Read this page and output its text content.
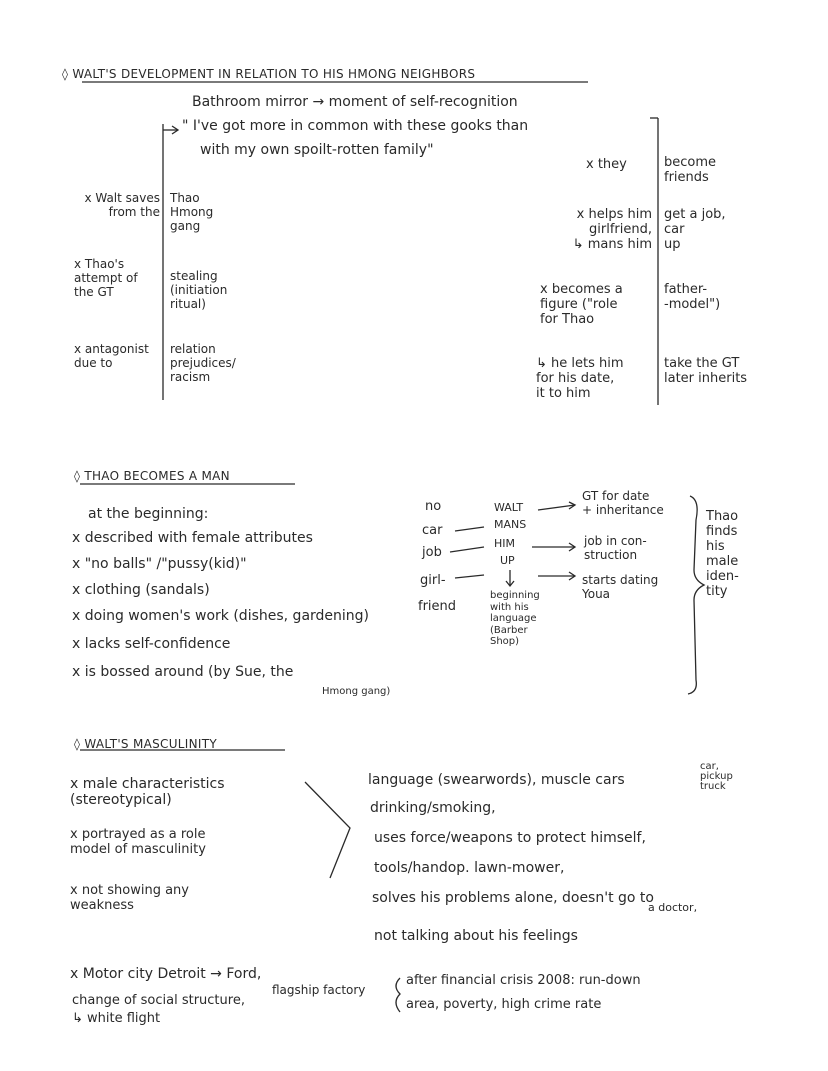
◊ WALT'S DEVELOPMENT IN RELATION TO HIS HMONG NEIGHBORS
Bathroom mirror → moment of self-recognition
" I've got more in common with these gooks than
with my own spoilt-rotten family"
x Walt saves
from the
Thao
Hmong
gang
x Thao's
attempt of
the GT
stealing
(initiation
ritual)
x antagonist
due to
relation
prejudices/
racism
x they	become
friends
x helps him
girlfriend,
↳ mans him
get a job,
car
up
x becomes a
figure ("role
for Thao
father-
-model")
↳ he lets him
for his date,
it to him
take the GT
later inherits
◊ THAO BECOMES A MAN
at the beginning:
x described with female attributes
x "no balls" /"pussy(kid)"
x clothing (sandals)
x doing women's work (dishes, gardening)
x lacks self-confidence
x is bossed around (by Sue, the
Hmong gang)
no
car
job
girl-
friend
WALT
MANS
HIM
UP
beginning
with his
language
(Barber
Shop)
GT for date
+ inheritance
job in con-
struction
starts dating
Youa
Thao
finds
his
male
iden-
tity
◊ WALT'S MASCULINITY
x male characteristics
(stereotypical)
x portrayed as a role
model of masculinity
x not showing any
weakness
language (swearwords), muscle cars
car,
pickup
truck
drinking/smoking,
uses force/weapons to protect himself,
tools/handop. lawn-mower,
solves his problems alone, doesn't go to
a doctor,
not talking about his feelings
x Motor city Detroit → Ford,
flagship factory
change of social structure,
↳ white flight
after financial crisis 2008: run-down
area, poverty, high crime rate
